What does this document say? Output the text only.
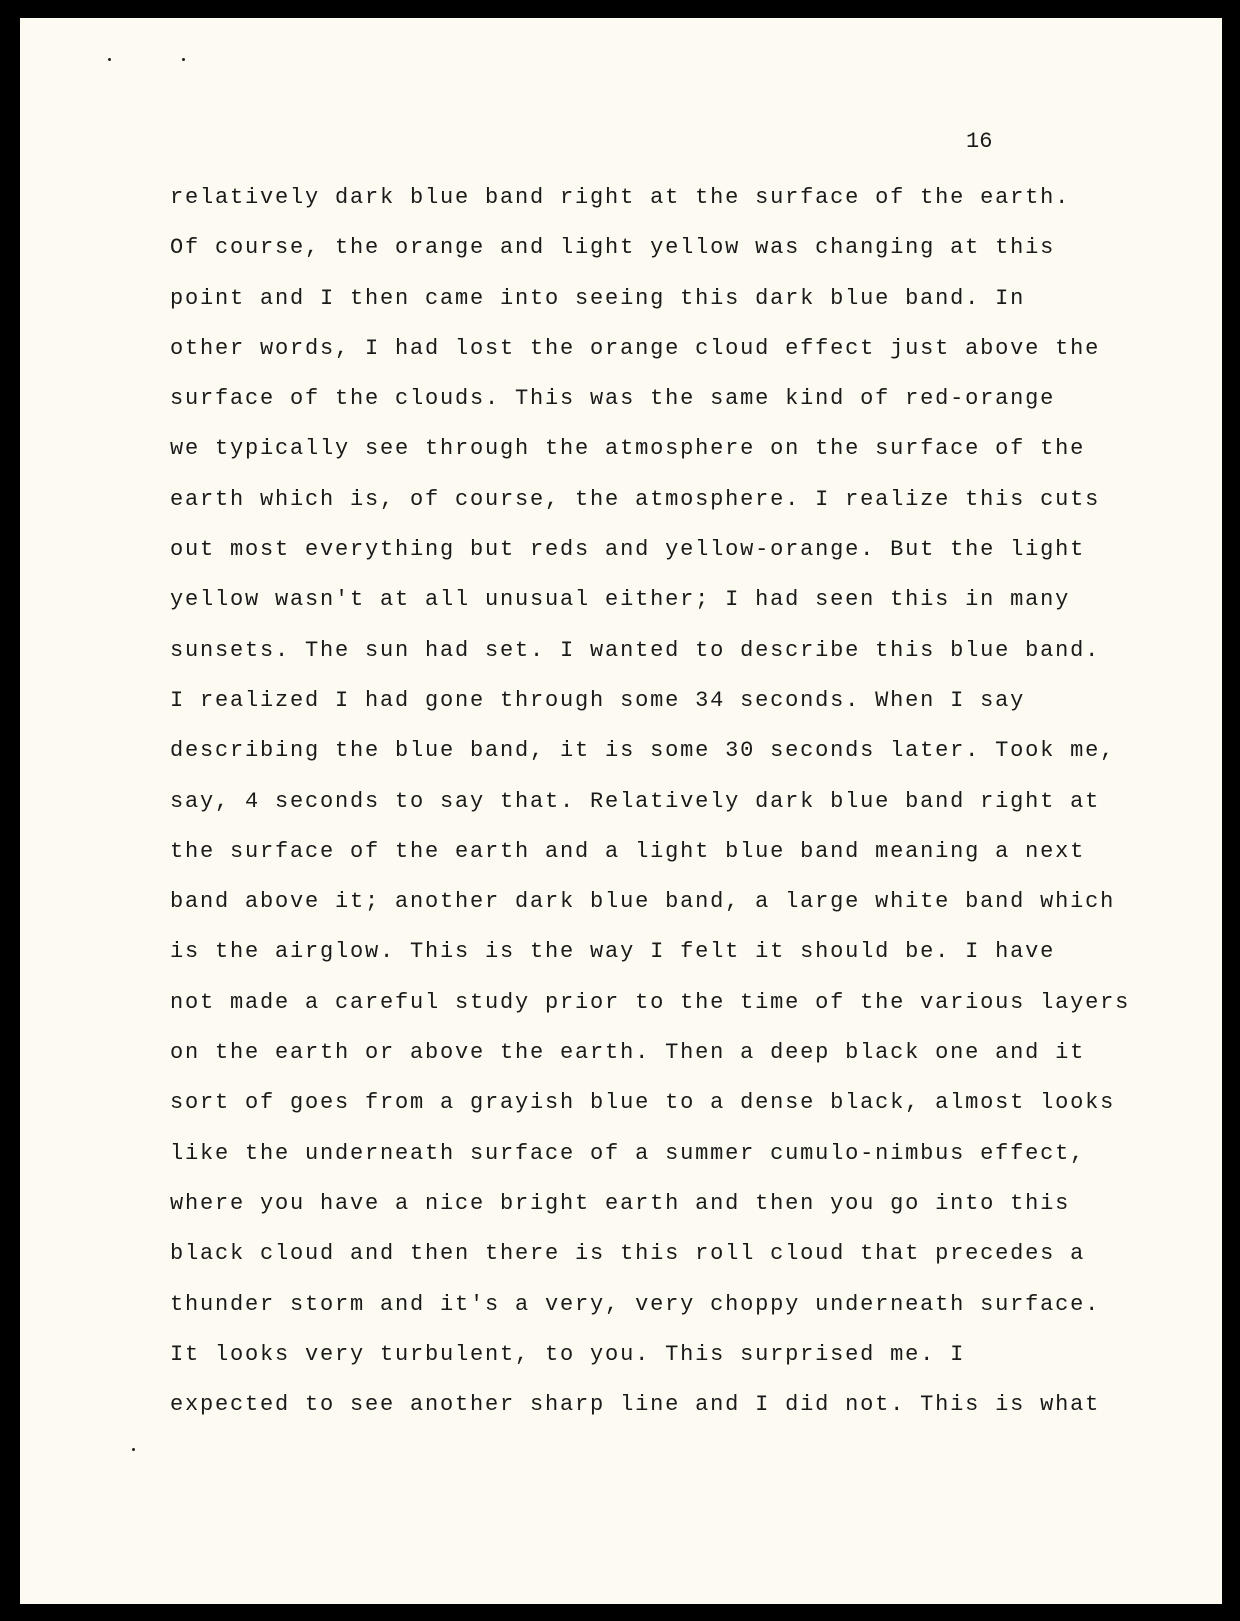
16

relatively dark blue band right at the surface of the earth.
Of course, the orange and light yellow was changing at this
point and I then came into seeing this dark blue band. In
other words, I had lost the orange cloud effect just above the
surface of the clouds. This was the same kind of red-orange
we typically see through the atmosphere on the surface of the
earth which is, of course, the atmosphere. I realize this cuts
out most everything but reds and yellow-orange. But the light
yellow wasn't at all unusual either; I had seen this in many
sunsets. The sun had set. I wanted to describe this blue band.
I realized I had gone through some 34 seconds. When I say
describing the blue band, it is some 30 seconds later. Took me,
say, 4 seconds to say that. Relatively dark blue band right at
the surface of the earth and a light blue band meaning a next
band above it; another dark blue band, a large white band which
is the airglow. This is the way I felt it should be. I have
not made a careful study prior to the time of the various layers
on the earth or above the earth. Then a deep black one and it
sort of goes from a grayish blue to a dense black, almost looks
like the underneath surface of a summer cumulo-nimbus effect,
where you have a nice bright earth and then you go into this
black cloud and then there is this roll cloud that precedes a
thunder storm and it's a very, very choppy underneath surface.
It looks very turbulent, to you. This surprised me. I
expected to see another sharp line and I did not. This is what
